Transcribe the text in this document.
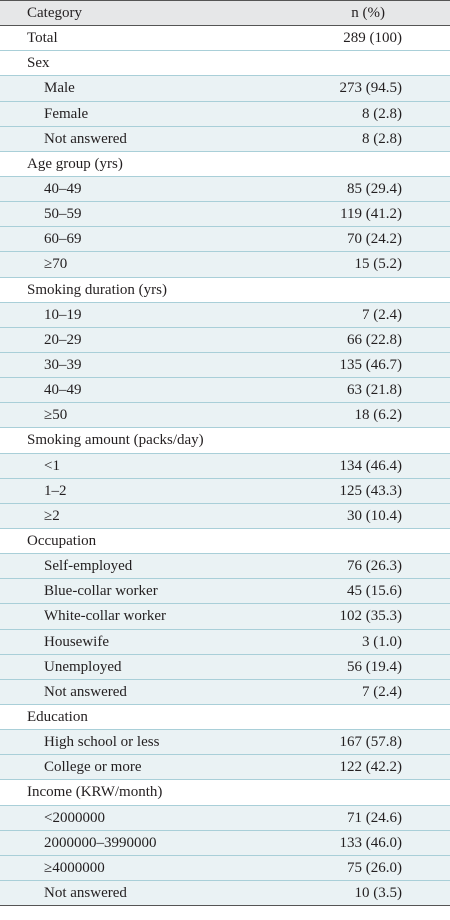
Category	n (%)
Total	289 (100)
Sex
Male	273 (94.5)
Female	8 (2.8)
Not answered	8 (2.8)
Age group (yrs)
40–49	85 (29.4)
50–59	119 (41.2)
60–69	70 (24.2)
≥70	15 (5.2)
Smoking duration (yrs)
10–19	7 (2.4)
20–29	66 (22.8)
30–39	135 (46.7)
40–49	63 (21.8)
≥50	18 (6.2)
Smoking amount (packs/day)
<1	134 (46.4)
1–2	125 (43.3)
≥2	30 (10.4)
Occupation
Self-employed	76 (26.3)
Blue-collar worker	45 (15.6)
White-collar worker	102 (35.3)
Housewife	3 (1.0)
Unemployed	56 (19.4)
Not answered	7 (2.4)
Education
High school or less	167 (57.8)
College or more	122 (42.2)
Income (KRW/month)
<2000000	71 (24.6)
2000000–3990000	133 (46.0)
≥4000000	75 (26.0)
Not answered	10 (3.5)
